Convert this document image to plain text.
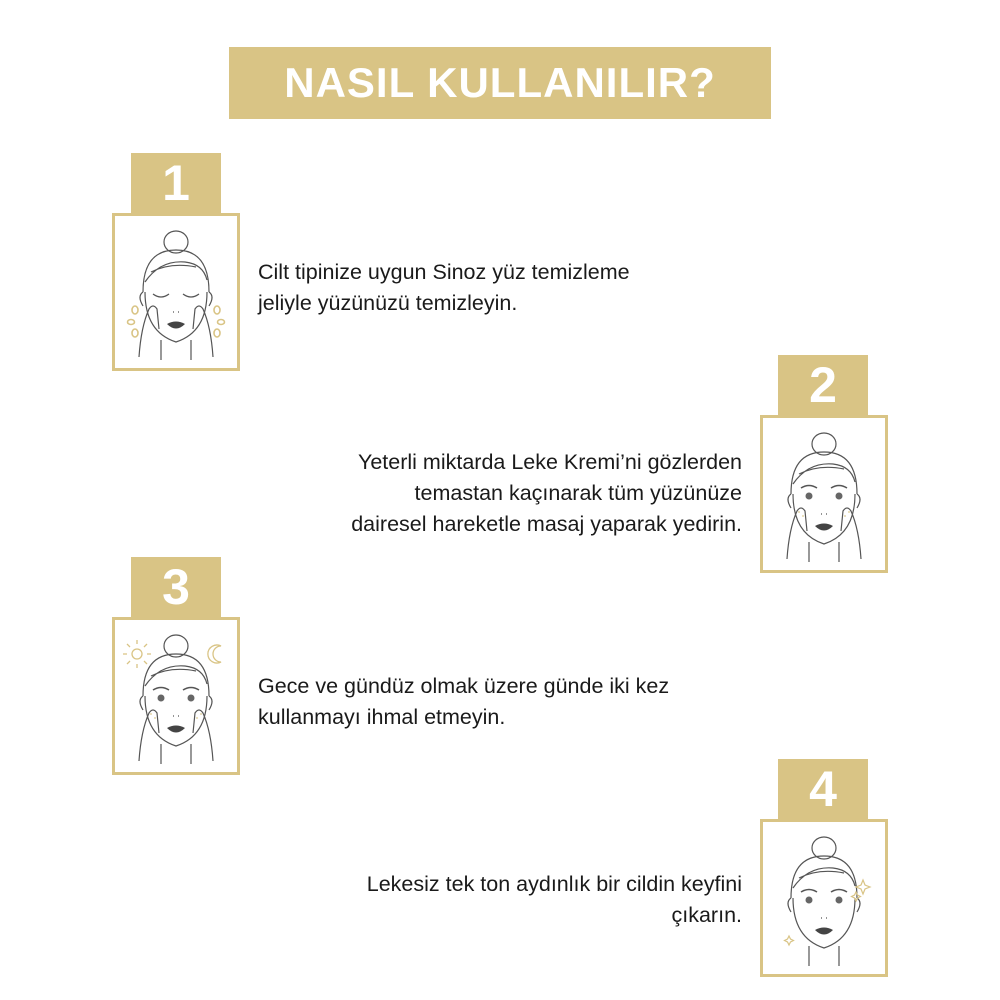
NASIL KULLANILIR?
1
Cilt tipinize uygun Sinoz yüz temizleme
jeliyle yüzünüzü temizleyin.
2
Yeterli miktarda Leke Kremi’ni gözlerden
temastan kaçınarak tüm yüzünüze
dairesel hareketle masaj yaparak yedirin.
3
Gece ve gündüz olmak üzere günde iki kez
kullanmayı ihmal etmeyin.
4
Lekesiz tek ton aydınlık bir cildin keyfini
çıkarın.
